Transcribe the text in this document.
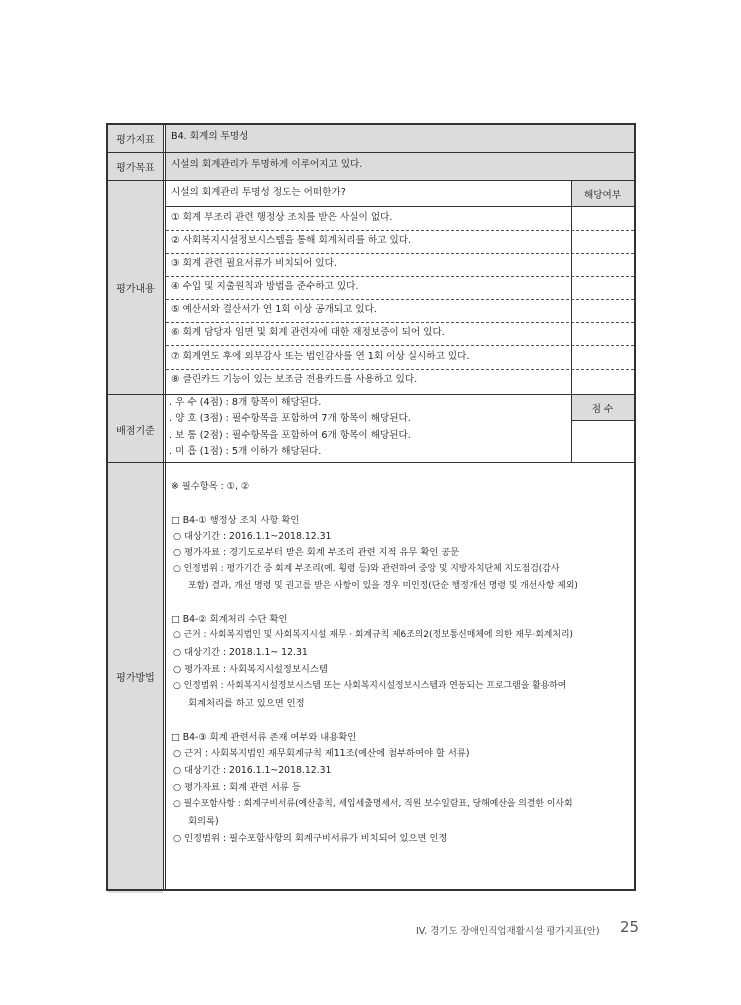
평가지표
평가목표
평가내용
배점기준
평가방법
B4. 회계의 투명성
시설의 회계관리가 투명하게 이루어지고 있다.
시설의 회계관리 투명성 정도는 어떠한가?	해당여부
① 회계 부조리 관련 행정상 조치를 받은 사실이 없다.
② 사회복지시설정보시스템을 통해 회계처리를 하고 있다.
③ 회계 관련 필요서류가 비치되어 있다.
④ 수입 및 지출원칙과 방법을 준수하고 있다.
⑤ 예산서와 결산서가 연 1회 이상 공개되고 있다.
⑥ 회계 담당자 임면 및 회계 관련자에 대한 재정보증이 되어 있다.
⑦ 회계연도 후에 외부감사 또는 법인감사를 연 1회 이상 실시하고 있다.
⑧ 클린카드 기능이 있는 보조금 전용카드를 사용하고 있다.
. 우 수 (4점) : 8개 항목이 해당된다.
. 양 호 (3점) : 필수항목을 포함하여 7개 항목이 해당된다.
. 보 통 (2점) : 필수항목을 포함하여 6개 항목이 해당된다.
. 미 흡 (1점) : 5개 이하가 해당된다.
점 수
※ 필수항목 : ①, ②
□ B4-① 행정상 조치 사항 확인
○ 대상기간 : 2016.1.1~2018.12.31
○ 평가자료 : 경기도로부터 받은 회계 부조리 관련 지적 유무 확인 공문
○ 인정범위 : 평가기간 중 회계 부조리(예. 횡령 등)와 관련하여 중앙 및 지방자치단체 지도점검(감사
포함) 결과, 개선 명령 및 권고를 받은 사항이 있을 경우 미인정(단순 행정개선 명령 및 개선사항 제외)
□ B4-② 회계처리 수단 확인
○ 근거 : 사회복지법인 및 사회복지시설 재무 · 회계규칙 제6조의2(정보통신매체에 의한 재무·회계처리)
○ 대상기간 : 2018.1.1~ 12.31
○ 평가자료 : 사회복지시설정보시스템
○ 인정범위 : 사회복지시설정보시스템 또는 사회복지시설정보시스템과 연동되는 프로그램을 활용하여
회계처리를 하고 있으면 인정
□ B4-③ 회계 관련서류 존재 여부와 내용확인
○ 근거 : 사회복지법인 재무회계규칙 제11조(예산에 첨부하여야 할 서류)
○ 대상기간 : 2016.1.1~2018.12.31
○ 평가자료 : 회계 관련 서류 등
○ 필수포함사항 : 회계구비서류(예산총칙, 세입세출명세서, 직원 보수일람표, 당해예산을 의결한 이사회
회의록)
○ 인정범위 : 필수포함사항의 회계구비서류가 비치되어 있으면 인정
IV. 경기도 장애인직업재활시설 평가지표(안) 25
